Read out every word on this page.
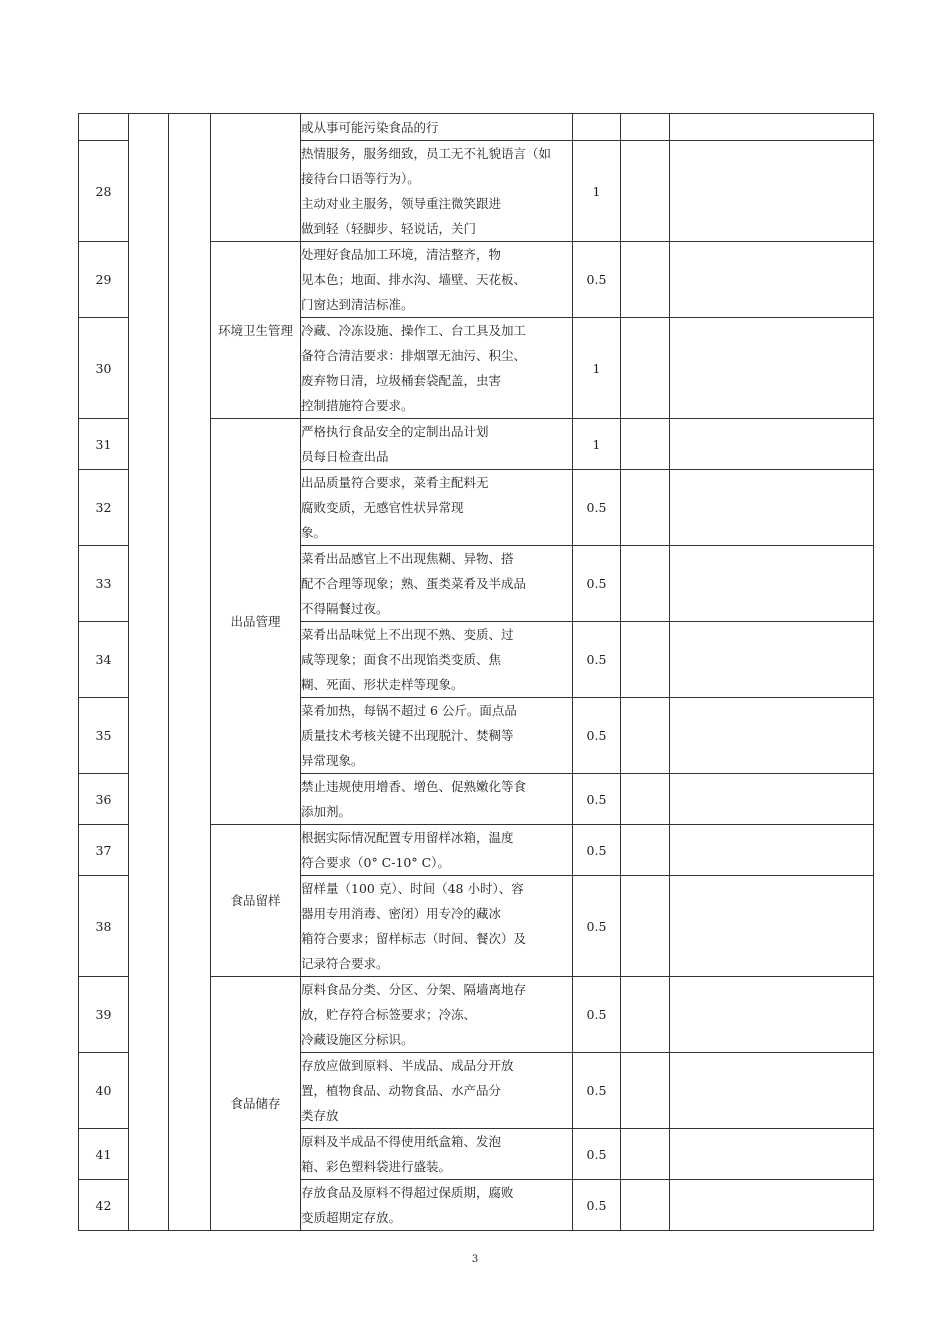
				或从事可能污染食品的行			

28				热情服务，服务细致，员工无不礼貌语言（如
接待台口语等行为）。
主动对业主服务，领导重注微笑跟进
做到轻（轻脚步、轻说话，关门	1		
29			环境卫生管理	处理好食品加工环境，清洁整齐，物
见本色；地面、排水沟、墙壁、天花板、
门窗达到清洁标准。	0.5		
30				冷藏、冷冻设施、操作工、台工具及加工
备符合清洁要求：排烟罩无油污、积尘、
废弃物日清，垃圾桶套袋配盖，虫害
控制措施符合要求。	1		
31			出品管理	严格执行食品安全的定制出品计划
员每日检查出品	1		
32				出品质量符合要求，菜肴主配料无
腐败变质，无感官性状异常现
象。	0.5		
33				菜肴出品感官上不出现焦糊、异物、搭
配不合理等现象；熟、蛋类菜肴及半成品
不得隔餐过夜。	0.5		
34				菜肴出品味觉上不出现不熟、变质、过
咸等现象；面食不出现馅类变质、焦
糊、死面、形状走样等现象。	0.5		
35				菜肴加热，每锅不超过 6 公斤。面点品
质量技术考核关键不出现脱汁、焚稠等
异常现象。	0.5		
36				禁止违规使用增香、增色、促熟嫩化等食
添加剂。	0.5		
37			食品留样	根据实际情况配置专用留样冰箱，温度
符合要求（0° C-10° C）。	0.5		
38				留样量（100 克）、时间（48 小时）、容
器用专用消毒、密闭）用专冷的藏冰
箱符合要求；留样标志（时间、餐次）及
记录符合要求。	0.5		
39			食品储存	原料食品分类、分区、分架、隔墙离地存
放，贮存符合标签要求；冷冻、
冷藏设施区分标识。	0.5		
40				存放应做到原料、半成品、成品分开放
置，植物食品、动物食品、水产品分
类存放	0.5		
41				原料及半成品不得使用纸盒箱、发泡
箱、彩色塑料袋进行盛装。	0.5		
42				存放食品及原料不得超过保质期，腐败
变质超期定存放。	0.5		
3
